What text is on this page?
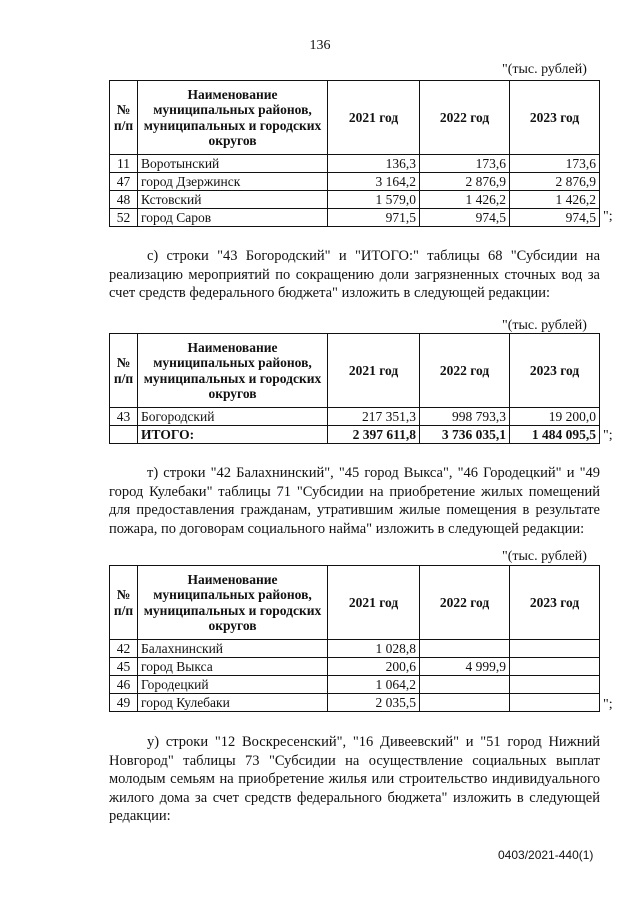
136
"(тыс. рублей)
№ п/п	Наименование муниципальных районов, муниципальных и городских округов	2021 год	2022 год	2023 год
11	Воротынский	136,3	173,6	173,6
47	город Дзержинск	3 164,2	2 876,9	2 876,9
48	Кстовский	1 579,0	1 426,2	1 426,2
52	город Саров	971,5	974,5	974,5 ";

с) строки "43 Богородский" и "ИТОГО:" таблицы 68 "Субсидии на реализацию мероприятий по сокращению доли загрязненных сточных вод за счет средств федерального бюджета" изложить в следующей редакции:

"(тыс. рублей)
№ п/п	Наименование муниципальных районов, муниципальных и городских округов	2021 год	2022 год	2023 год
43	Богородский	217 351,3	998 793,3	19 200,0
	ИТОГО:	2 397 611,8	3 736 035,1	1 484 095,5 ";

т) строки "42 Балахнинский", "45 город Выкса", "46 Городецкий" и "49 город Кулебаки" таблицы 71 "Субсидии на приобретение жилых помещений для предоставления гражданам, утратившим жилые помещения в результате пожара, по договорам социального найма" изложить в следующей редакции:

"(тыс. рублей)
№ п/п	Наименование муниципальных районов, муниципальных и городских округов	2021 год	2022 год	2023 год
42	Балахнинский	1 028,8		
45	город Выкса	200,6	4 999,9	
46	Городецкий	1 064,2		
49	город Кулебаки	2 035,5			";

у) строки "12 Воскресенский", "16 Дивеевский" и "51 город Нижний Новгород" таблицы 73 "Субсидии на осуществление социальных выплат молодым семьям на приобретение жилья или строительство индивидуального жилого дома за счет средств федерального бюджета" изложить в следующей редакции:

0403/2021-440(1)
